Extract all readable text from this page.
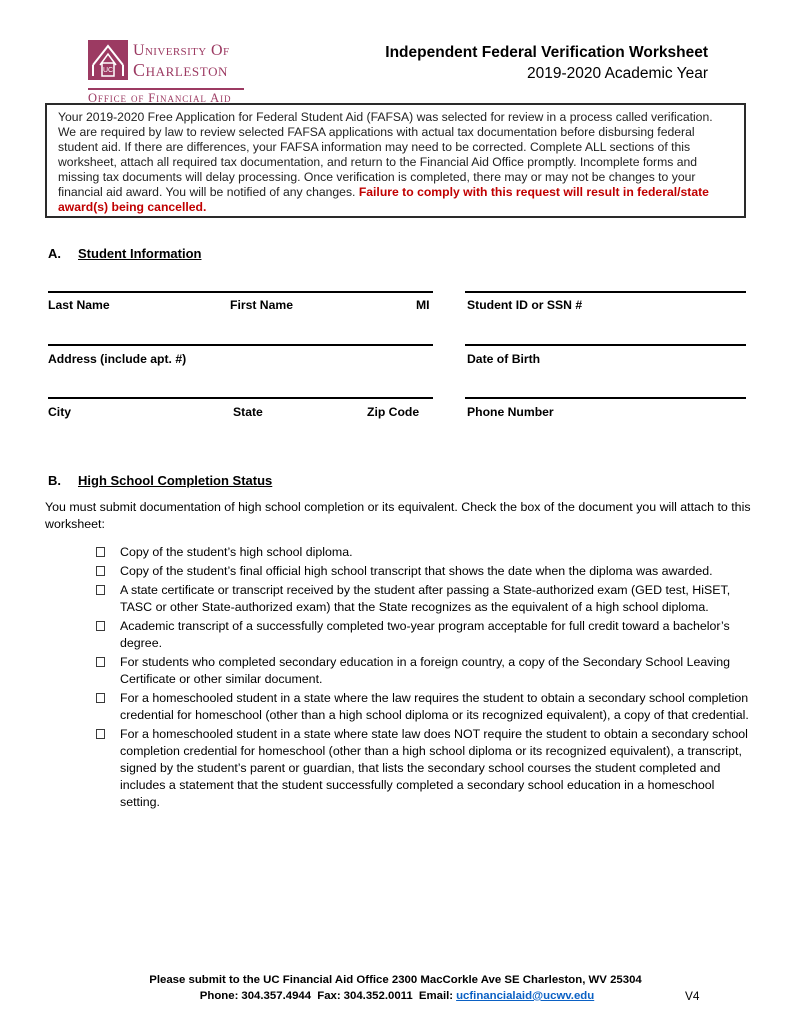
UC
University Of
Charleston
Office of Financial Aid
Independent Federal Verification Worksheet
2019-2020 Academic Year
Your 2019-2020 Free Application for Federal Student Aid (FAFSA) was selected for review in a process called verification. We are required by law to review selected FAFSA applications with actual tax documentation before disbursing federal student aid. If there are differences, your FAFSA information may need to be corrected. Complete ALL sections of this worksheet, attach all required tax documentation, and return to the Financial Aid Office promptly. Incomplete forms and missing tax documents will delay processing. Once verification is completed, there may or may not be changes to your financial aid award. You will be notified of any changes. Failure to comply with this request will result in federal/state award(s) being cancelled.
A. Student Information
Last Name	First Name	MI	Student ID or SSN #
Address (include apt. #)	Date of Birth
City	State	Zip Code	Phone Number
B. High School Completion Status
You must submit documentation of high school completion or its equivalent. Check the box of the document you will attach to this worksheet:
Copy of the student’s high school diploma.
Copy of the student’s final official high school transcript that shows the date when the diploma was awarded.
A state certificate or transcript received by the student after passing a State-authorized exam (GED test, HiSET, TASC or other State-authorized exam) that the State recognizes as the equivalent of a high school diploma.
Academic transcript of a successfully completed two-year program acceptable for full credit toward a bachelor’s degree.
For students who completed secondary education in a foreign country, a copy of the Secondary School Leaving Certificate or other similar document.
For a homeschooled student in a state where the law requires the student to obtain a secondary school completion credential for homeschool (other than a high school diploma or its recognized equivalent), a copy of that credential.
For a homeschooled student in a state where state law does NOT require the student to obtain a secondary school completion credential for homeschool (other than a high school diploma or its recognized equivalent), a transcript, signed by the student’s parent or guardian, that lists the secondary school courses the student completed and includes a statement that the student successfully completed a secondary school education in a homeschool setting.
Please submit to the UC Financial Aid Office 2300 MacCorkle Ave SE Charleston, WV 25304
Phone: 304.357.4944 Fax: 304.352.0011 Email: ucfinancialaid@ucwv.edu	V4
